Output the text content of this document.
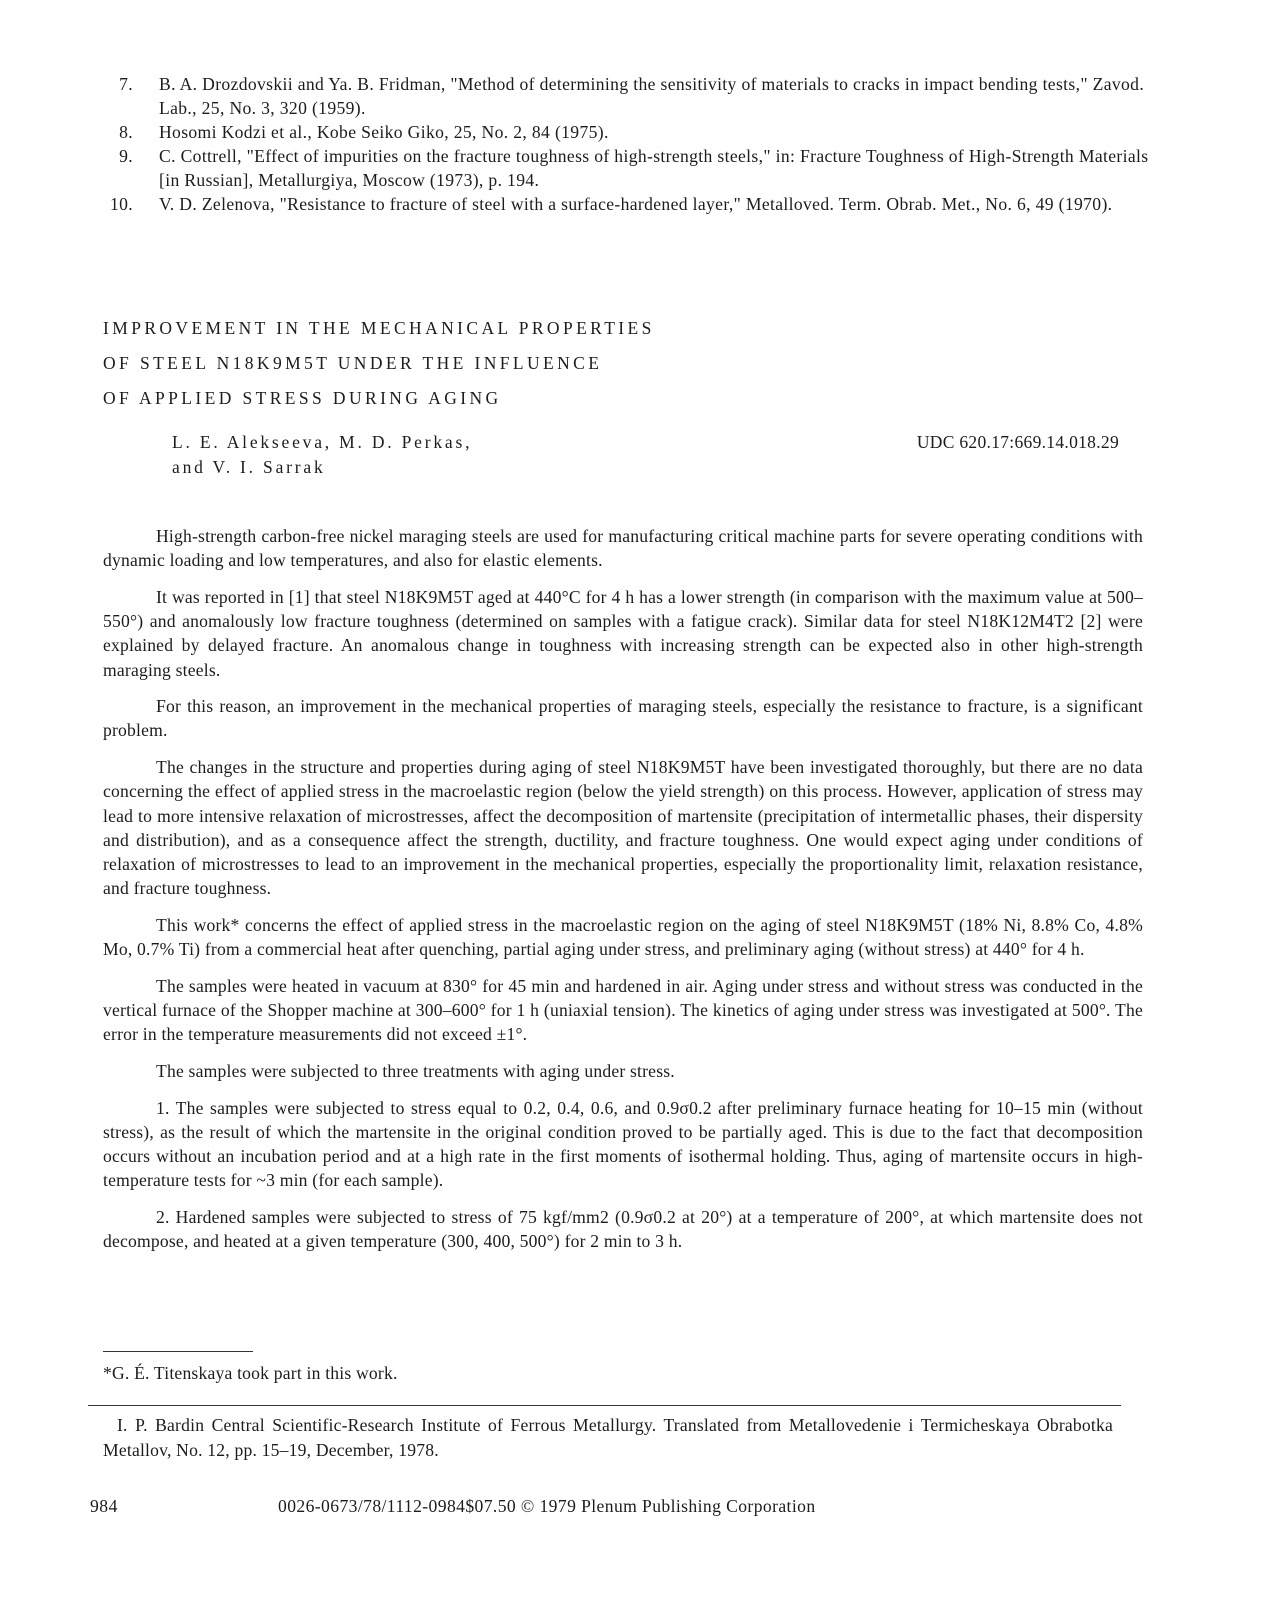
7. B. A. Drozdovskii and Ya. B. Fridman, "Method of determining the sensitivity of materials to cracks in impact bending tests," Zavod. Lab., 25, No. 3, 320 (1959).
8. Hosomi Kodzi et al., Kobe Seiko Giko, 25, No. 2, 84 (1975).
9. C. Cottrell, "Effect of impurities on the fracture toughness of high-strength steels," in: Fracture Toughness of High-Strength Materials [in Russian], Metallurgiya, Moscow (1973), p. 194.
10. V. D. Zelenova, "Resistance to fracture of steel with a surface-hardened layer," Metalloved. Term. Obrab. Met., No. 6, 49 (1970).
IMPROVEMENT IN THE MECHANICAL PROPERTIES
OF STEEL N18K9M5T UNDER THE INFLUENCE
OF APPLIED STRESS DURING AGING
L. E. Alekseeva, M. D. Perkas,
and V. I. Sarrak
UDC 620.17:669.14.018.29

High-strength carbon-free nickel maraging steels are used for manufacturing critical machine parts for severe operating conditions with dynamic loading and low temperatures, and also for elastic elements.

It was reported in [1] that steel N18K9M5T aged at 440°C for 4 h has a lower strength (in comparison with the maximum value at 500–550°) and anomalously low fracture toughness (determined on samples with a fatigue crack). Similar data for steel N18K12M4T2 [2] were explained by delayed fracture. An anomalous change in toughness with increasing strength can be expected also in other high-strength maraging steels.

For this reason, an improvement in the mechanical properties of maraging steels, especially the resistance to fracture, is a significant problem.

The changes in the structure and properties during aging of steel N18K9M5T have been investigated thoroughly, but there are no data concerning the effect of applied stress in the macroelastic region (below the yield strength) on this process. However, application of stress may lead to more intensive relaxation of microstresses, affect the decomposition of martensite (precipitation of intermetallic phases, their dispersity and distribution), and as a consequence affect the strength, ductility, and fracture toughness. One would expect aging under conditions of relaxation of microstresses to lead to an improvement in the mechanical properties, especially the proportionality limit, relaxation resistance, and fracture toughness.

This work* concerns the effect of applied stress in the macroelastic region on the aging of steel N18K9M5T (18% Ni, 8.8% Co, 4.8% Mo, 0.7% Ti) from a commercial heat after quenching, partial aging under stress, and preliminary aging (without stress) at 440° for 4 h.

The samples were heated in vacuum at 830° for 45 min and hardened in air. Aging under stress and without stress was conducted in the vertical furnace of the Shopper machine at 300–600° for 1 h (uniaxial tension). The kinetics of aging under stress was investigated at 500°. The error in the temperature measurements did not exceed ±1°.

The samples were subjected to three treatments with aging under stress.

1. The samples were subjected to stress equal to 0.2, 0.4, 0.6, and 0.9σ0.2 after preliminary furnace heating for 10–15 min (without stress), as the result of which the martensite in the original condition proved to be partially aged. This is due to the fact that decomposition occurs without an incubation period and at a high rate in the first moments of isothermal holding. Thus, aging of martensite occurs in high-temperature tests for ~3 min (for each sample).

2. Hardened samples were subjected to stress of 75 kgf/mm2 (0.9σ0.2 at 20°) at a temperature of 200°, at which martensite does not decompose, and heated at a given temperature (300, 400, 500°) for 2 min to 3 h.

*G. É. Titenskaya took part in this work.
I. P. Bardin Central Scientific-Research Institute of Ferrous Metallurgy. Translated from Metallovedenie i Termicheskaya Obrabotka Metallov, No. 12, pp. 15–19, December, 1978.
984	0026-0673/78/1112-0984$07.50 © 1979 Plenum Publishing Corporation
